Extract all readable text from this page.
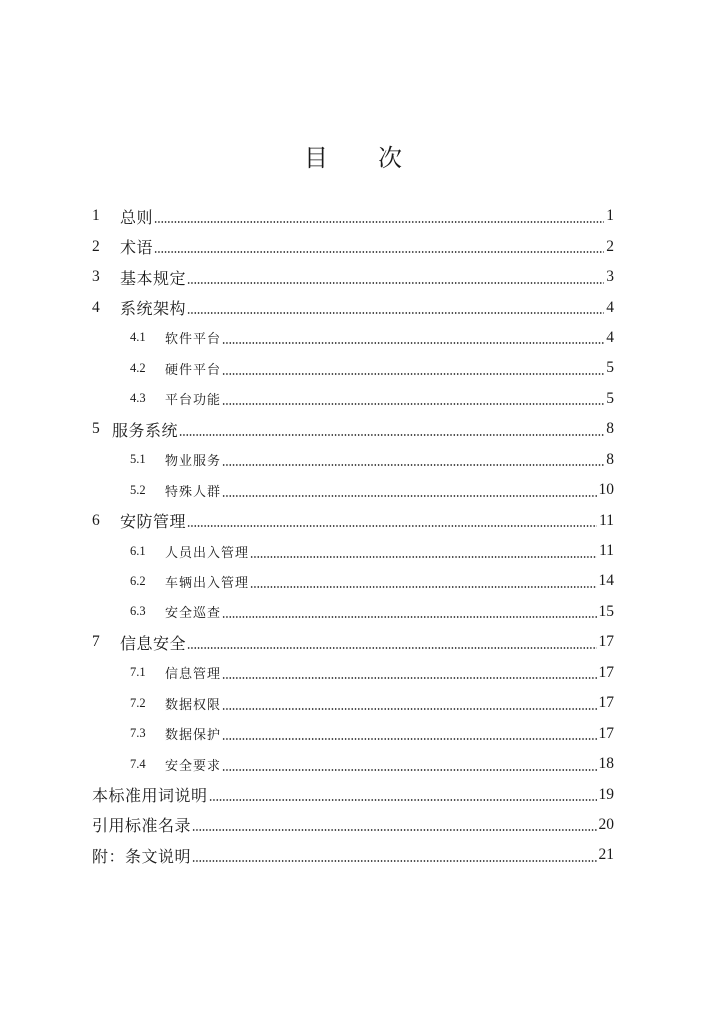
目 次
1	总则	1
2	术语	2
3	基本规定	3
4	系统架构	4
4.1	软件平台	4
4.2	硬件平台	5
4.3	平台功能	5
5 服务系统	8
5.1	物业服务	8
5.2	特殊人群	10
6	安防管理	11
6.1	人员出入管理	11
6.2	车辆出入管理	14
6.3	安全巡查	15
7	信息安全	17
7.1	信息管理	17
7.2	数据权限	17
7.3	数据保护	17
7.4	安全要求	18
本标准用词说明	19
引用标准名录	20
附：条文说明	21
